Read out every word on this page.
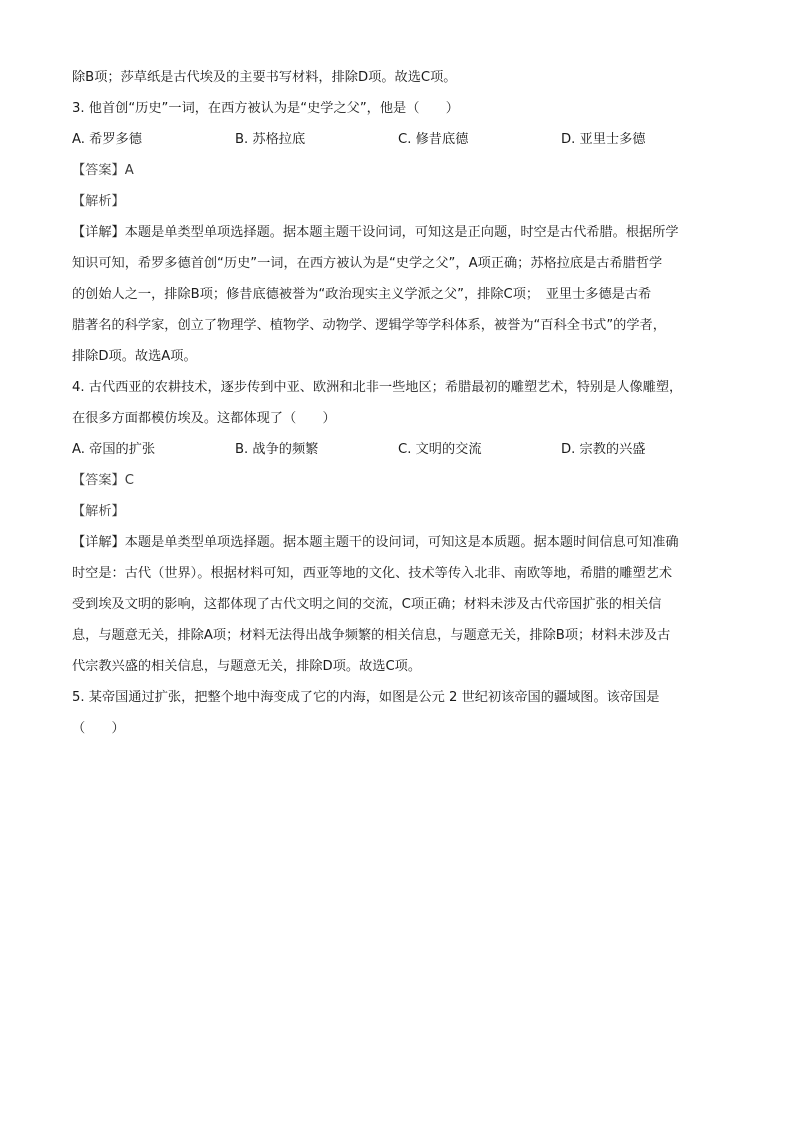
除B项；莎草纸是古代埃及的主要书写材料，排除D项。故选C项。
3. 他首创“历史”一词，在西方被认为是“史学之父”，他是（　　）
A. 希罗多德	B. 苏格拉底	C. 修昔底德	D. 亚里士多德
【答案】A
【解析】
【详解】本题是单类型单项选择题。据本题主题干设问词，可知这是正向题，时空是古代希腊。根据所学
知识可知，希罗多德首创“历史”一词，在西方被认为是“史学之父”，A项正确；苏格拉底是古希腊哲学
的创始人之一，排除B项；修昔底德被誉为“政治现实主义学派之父”，排除C项；　亚里士多德是古希
腊著名的科学家，创立了物理学、植物学、动物学、逻辑学等学科体系，被誉为“百科全书式”的学者，
排除D项。故选A项。
4. 古代西亚的农耕技术，逐步传到中亚、欧洲和北非一些地区；希腊最初的雕塑艺术，特别是人像雕塑，
在很多方面都模仿埃及。这都体现了（　　）
A. 帝国的扩张	B. 战争的频繁	C. 文明的交流	D. 宗教的兴盛
【答案】C
【解析】
【详解】本题是单类型单项选择题。据本题主题干的设问词，可知这是本质题。据本题时间信息可知准确
时空是：古代（世界）。根据材料可知，西亚等地的文化、技术等传入北非、南欧等地，希腊的雕塑艺术
受到埃及文明的影响，这都体现了古代文明之间的交流，C项正确；材料未涉及古代帝国扩张的相关信
息，与题意无关，排除A项；材料无法得出战争频繁的相关信息，与题意无关，排除B项；材料未涉及古
代宗教兴盛的相关信息，与题意无关，排除D项。故选C项。
5. 某帝国通过扩张，把整个地中海变成了它的内海，如图是公元 2 世纪初该帝国的疆域图。该帝国是
（　　）
